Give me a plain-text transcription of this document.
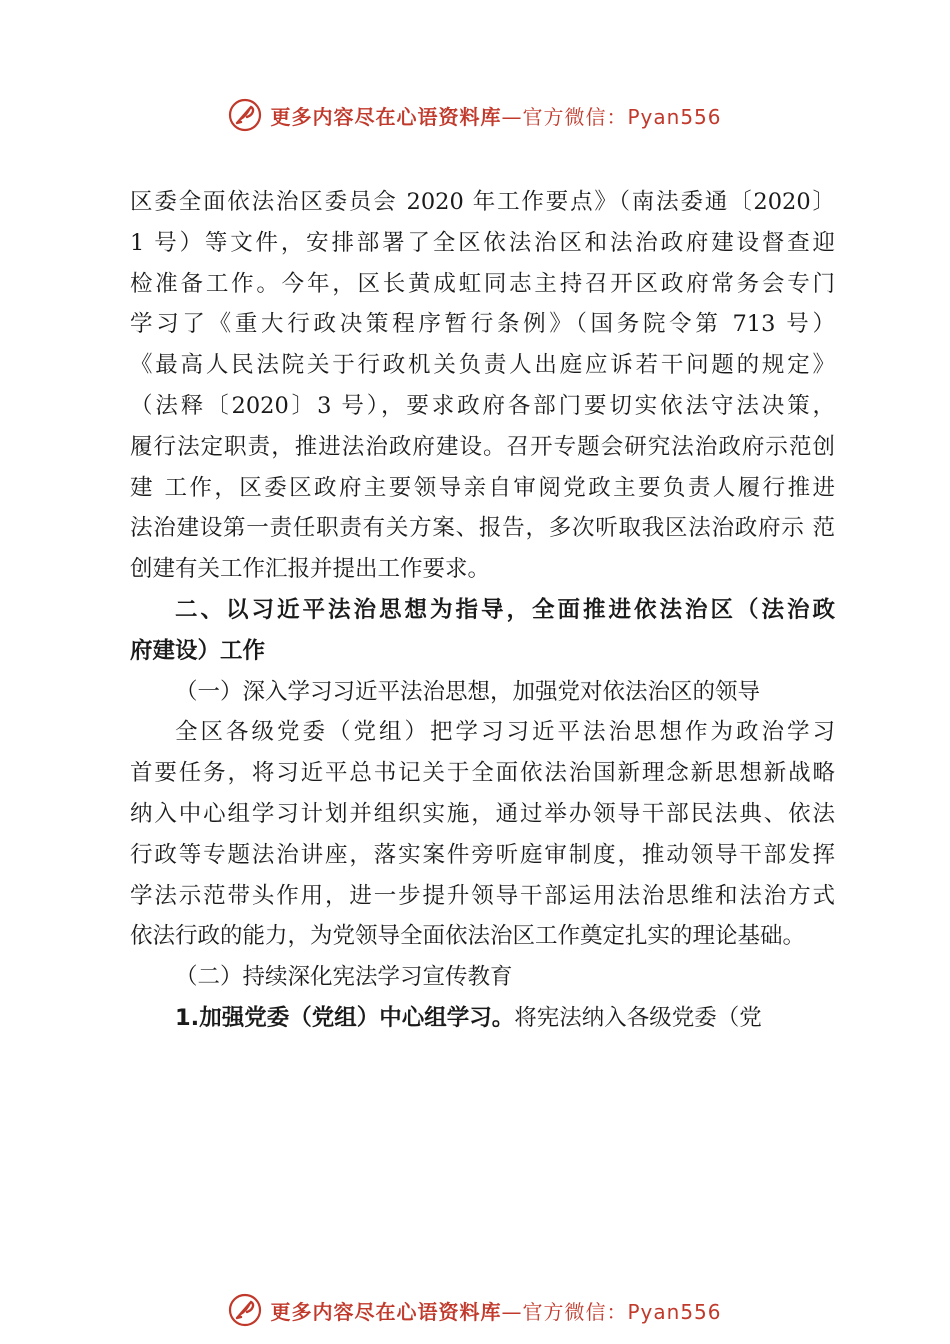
更多内容尽在心语资料库—官方微信：Pyan556
区委全面依法治区委员会 2020 年工作要点》（南法委通〔2020〕
1 号）等文件，安排部署了全区依法治区和法治政府建设督查迎
检准备工作。今年，区长黄成虹同志主持召开区政府常务会专门
学习了《重大行政决策程序暂行条例》（国务院令第 713 号）
《最高人民法院关于行政机关负责人出庭应诉若干问题的规定》
（法释〔2020〕3 号），要求政府各部门要切实依法守法决策，
履行法定职责，推进法治政府建设。召开专题会研究法治政府示范创
建 工作，区委区政府主要领导亲自审阅党政主要负责人履行推进
法治建设第一责任职责有关方案、报告，多次听取我区法治政府示 范
创建有关工作汇报并提出工作要求。
二、以习近平法治思想为指导，全面推进依法治区（法治政
府建设）工作
（一）深入学习习近平法治思想，加强党对依法治区的领导
全区各级党委（党组）把学习习近平法治思想作为政治学习
首要任务，将习近平总书记关于全面依法治国新理念新思想新战略
纳入中心组学习计划并组织实施，通过举办领导干部民法典、依法
行政等专题法治讲座，落实案件旁听庭审制度，推动领导干部发挥
学法示范带头作用，进一步提升领导干部运用法治思维和法治方式
依法行政的能力，为党领导全面依法治区工作奠定扎实的理论基础。
（二）持续深化宪法学习宣传教育
1.加强党委（党组）中心组学习。将宪法纳入各级党委（党
更多内容尽在心语资料库—官方微信：Pyan556
